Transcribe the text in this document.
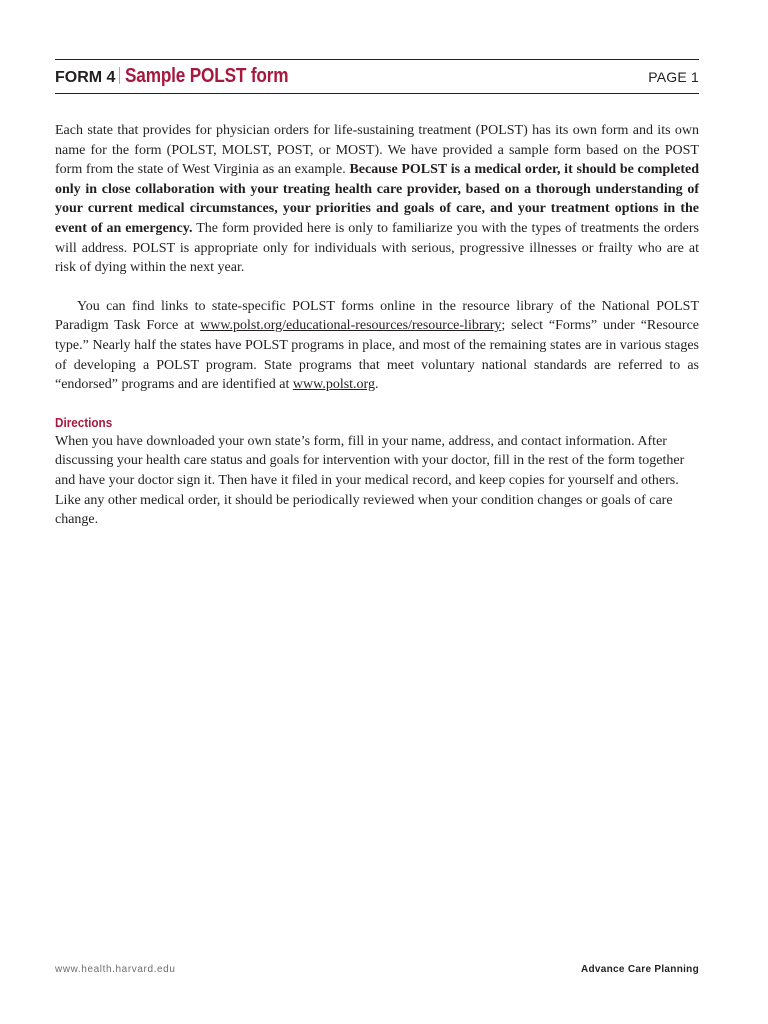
FORM 4 Sample POLST form	PAGE 1

Each state that provides for physician orders for life-sustaining treatment (POLST) has its own form and its own name for the form (POLST, MOLST, POST, or MOST). We have provided a sample form based on the POST form from the state of West Virginia as an example. Because POLST is a medical order, it should be completed only in close collaboration with your treating health care provider, based on a thorough understanding of your current medical circumstances, your priorities and goals of care, and your treatment options in the event of an emergency. The form provided here is only to familiarize you with the types of treatments the orders will address. POLST is appropriate only for individuals with serious, progressive illnesses or frailty who are at risk of dying within the next year.

You can find links to state-specific POLST forms online in the resource library of the National POLST Paradigm Task Force at www.polst.org/educational-resources/resource-library; select “Forms” under “Resource type.” Nearly half the states have POLST programs in place, and most of the remaining states are in various stages of developing a POLST program. State programs that meet voluntary national standards are referred to as “endorsed” programs and are identified at www.polst.org.

Directions

When you have downloaded your own state’s form, fill in your name, address, and contact information. After discussing your health care status and goals for intervention with your doctor, fill in the rest of the form together and have your doctor sign it. Then have it filed in your medical record, and keep copies for yourself and others. Like any other medical order, it should be periodically reviewed when your condition changes or goals of care change.

www.health.harvard.edu	Advance Care Planning
